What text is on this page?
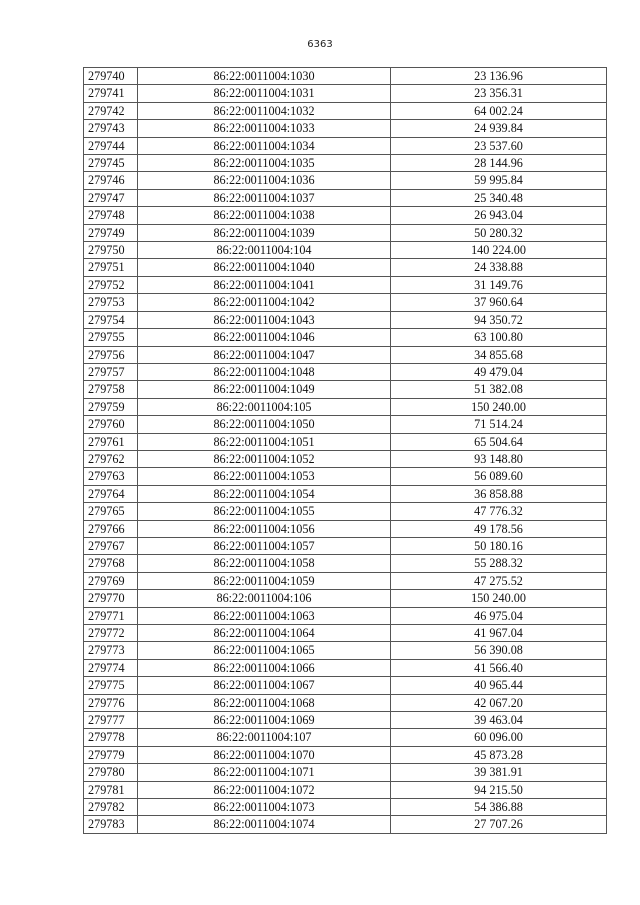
6363
279740	86:22:0011004:1030	23 136.96
279741	86:22:0011004:1031	23 356.31
279742	86:22:0011004:1032	64 002.24
279743	86:22:0011004:1033	24 939.84
279744	86:22:0011004:1034	23 537.60
279745	86:22:0011004:1035	28 144.96
279746	86:22:0011004:1036	59 995.84
279747	86:22:0011004:1037	25 340.48
279748	86:22:0011004:1038	26 943.04
279749	86:22:0011004:1039	50 280.32
279750	86:22:0011004:104	140 224.00
279751	86:22:0011004:1040	24 338.88
279752	86:22:0011004:1041	31 149.76
279753	86:22:0011004:1042	37 960.64
279754	86:22:0011004:1043	94 350.72
279755	86:22:0011004:1046	63 100.80
279756	86:22:0011004:1047	34 855.68
279757	86:22:0011004:1048	49 479.04
279758	86:22:0011004:1049	51 382.08
279759	86:22:0011004:105	150 240.00
279760	86:22:0011004:1050	71 514.24
279761	86:22:0011004:1051	65 504.64
279762	86:22:0011004:1052	93 148.80
279763	86:22:0011004:1053	56 089.60
279764	86:22:0011004:1054	36 858.88
279765	86:22:0011004:1055	47 776.32
279766	86:22:0011004:1056	49 178.56
279767	86:22:0011004:1057	50 180.16
279768	86:22:0011004:1058	55 288.32
279769	86:22:0011004:1059	47 275.52
279770	86:22:0011004:106	150 240.00
279771	86:22:0011004:1063	46 975.04
279772	86:22:0011004:1064	41 967.04
279773	86:22:0011004:1065	56 390.08
279774	86:22:0011004:1066	41 566.40
279775	86:22:0011004:1067	40 965.44
279776	86:22:0011004:1068	42 067.20
279777	86:22:0011004:1069	39 463.04
279778	86:22:0011004:107	60 096.00
279779	86:22:0011004:1070	45 873.28
279780	86:22:0011004:1071	39 381.91
279781	86:22:0011004:1072	94 215.50
279782	86:22:0011004:1073	54 386.88
279783	86:22:0011004:1074	27 707.26
